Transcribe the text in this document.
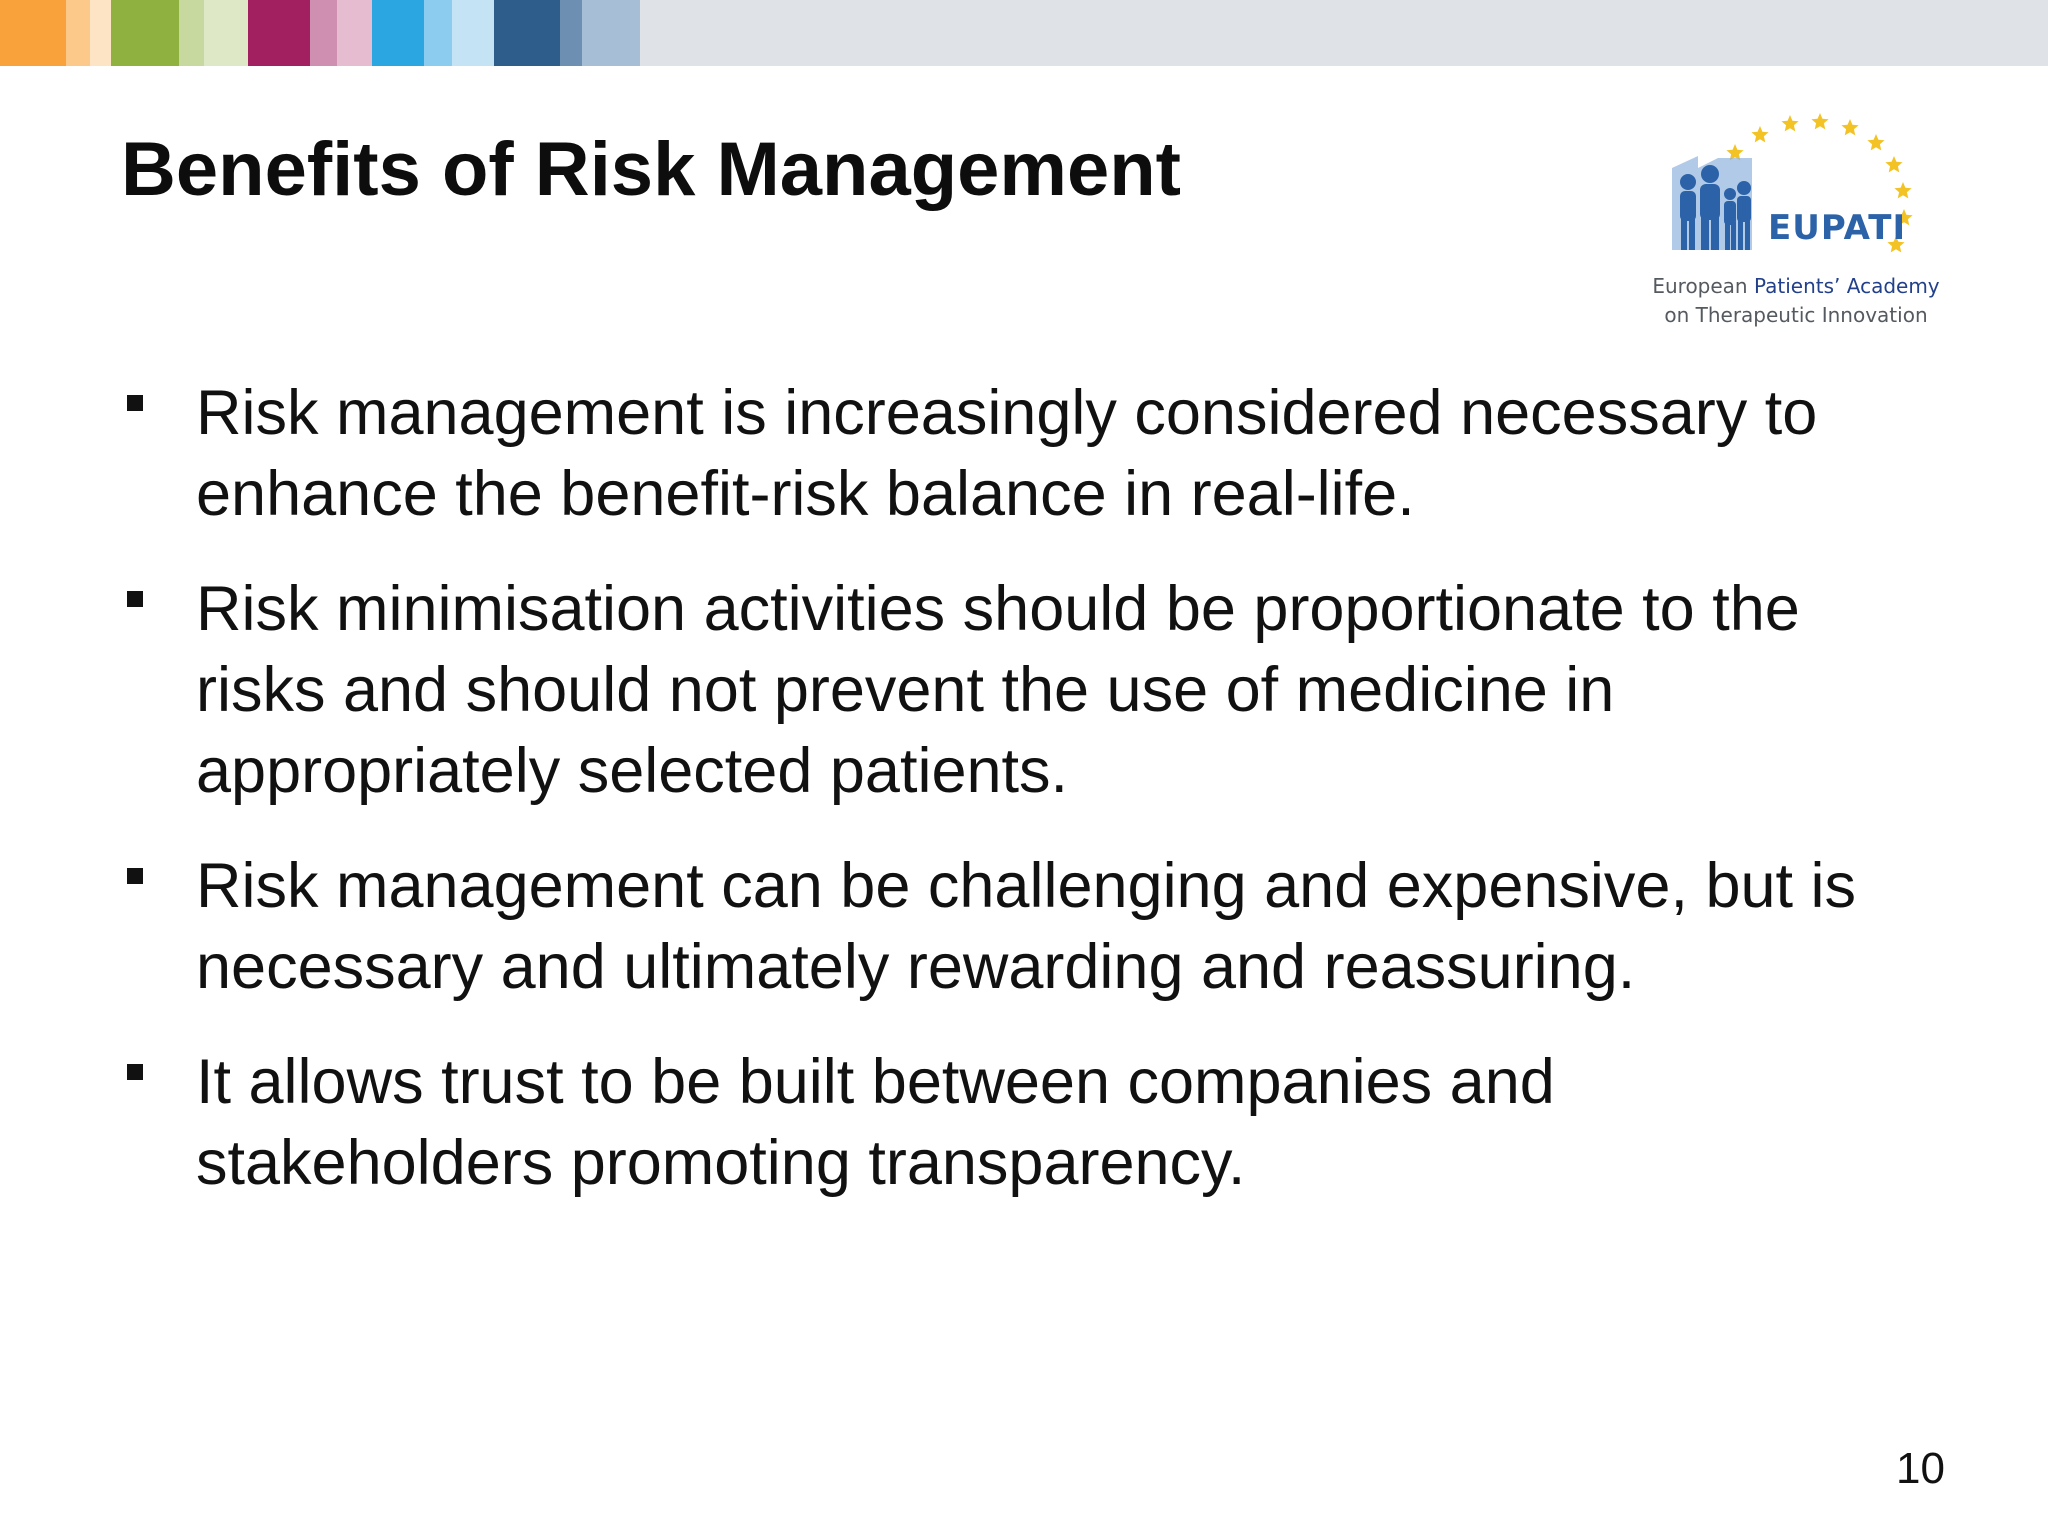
Benefits of Risk Management
EUPATI
European Patients’ Academy
on Therapeutic Innovation
Risk management is increasingly considered necessary to enhance the benefit-risk balance in real-life.
Risk minimisation activities should be proportionate to the risks and should not prevent the use of medicine in appropriately selected patients.
Risk management can be challenging and expensive, but is necessary and ultimately rewarding and reassuring.
It allows trust to be built between companies and stakeholders promoting transparency.
10
